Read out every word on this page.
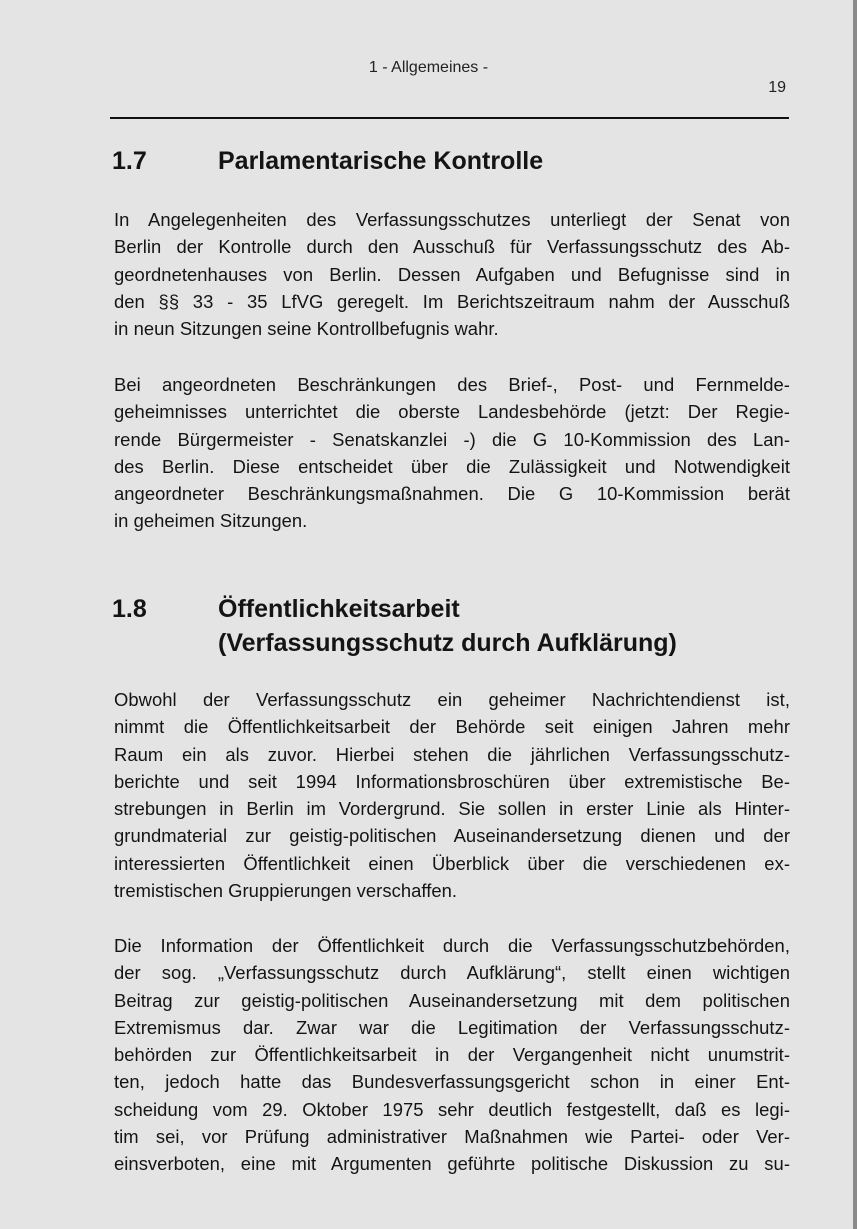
1 - Allgemeines -
19
1.7	Parlamentarische Kontrolle

In Angelegenheiten des Verfassungsschutzes unterliegt der Senat von
Berlin der Kontrolle durch den Ausschuß für Verfassungsschutz des Ab-
geordnetenhauses von Berlin. Dessen Aufgaben und Befugnisse sind in
den §§ 33 - 35 LfVG geregelt. Im Berichtszeitraum nahm der Ausschuß
in neun Sitzungen seine Kontrollbefugnis wahr.

Bei angeordneten Beschränkungen des Brief-, Post- und Fernmelde-
geheimnisses unterrichtet die oberste Landesbehörde (jetzt: Der Regie-
rende Bürgermeister - Senatskanzlei -) die G 10-Kommission des Lan-
des Berlin. Diese entscheidet über die Zulässigkeit und Notwendigkeit
angeordneter Beschränkungsmaßnahmen. Die G 10-Kommission berät
in geheimen Sitzungen.

1.8	Öffentlichkeitsarbeit
(Verfassungsschutz durch Aufklärung)

Obwohl der Verfassungsschutz ein geheimer Nachrichtendienst ist,
nimmt die Öffentlichkeitsarbeit der Behörde seit einigen Jahren mehr
Raum ein als zuvor. Hierbei stehen die jährlichen Verfassungsschutz-
berichte und seit 1994 Informationsbroschüren über extremistische Be-
strebungen in Berlin im Vordergrund. Sie sollen in erster Linie als Hinter-
grundmaterial zur geistig-politischen Auseinandersetzung dienen und der
interessierten Öffentlichkeit einen Überblick über die verschiedenen ex-
tremistischen Gruppierungen verschaffen.

Die Information der Öffentlichkeit durch die Verfassungsschutzbehörden,
der sog. „Verfassungsschutz durch Aufklärung“, stellt einen wichtigen
Beitrag zur geistig-politischen Auseinandersetzung mit dem politischen
Extremismus dar. Zwar war die Legitimation der Verfassungsschutz-
behörden zur Öffentlichkeitsarbeit in der Vergangenheit nicht unumstrit-
ten, jedoch hatte das Bundesverfassungsgericht schon in einer Ent-
scheidung vom 29. Oktober 1975 sehr deutlich festgestellt, daß es legi-
tim sei, vor Prüfung administrativer Maßnahmen wie Partei- oder Ver-
einsverboten, eine mit Argumenten geführte politische Diskussion zu su-
